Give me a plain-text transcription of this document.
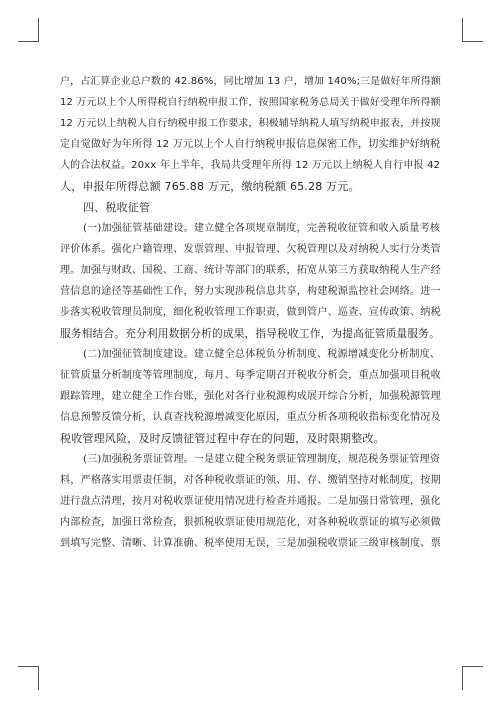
户，占汇算企业总户数的 42.86%，同比增加 13 户，增加 140%;三是做好年所得额
12 万元以上个人所得税自行纳税申报工作，按照国家税务总局关于做好受理年所得额
12 万元以上纳税人自行纳税申报工作要求，积极辅导纳税人填写纳税申报表，并按规
定自觉做好为年所得 12 万元以上个人自行纳税申报信息保密工作，切实维护好纳税
人的合法权益。20xx 年上半年，我局共受理年所得 12 万元以上纳税人自行申报 42
人，申报年所得总额 765.88 万元，缴纳税额 65.28 万元。
四、税收征管
(一)加强征管基础建设。建立健全各项规章制度，完善税收征管和收入质量考核
评价体系。强化户籍管理、发票管理、申报管理、欠税管理以及对纳税人实行分类管
理。加强与财政、国税、工商、统计等部门的联系，拓宽从第三方获取纳税人生产经
营信息的途径等基础性工作，努力实现涉税信息共享，构建税源监控社会网络。进一
步落实税收管理员制度，细化税收管理工作职责，做到管户、巡查、宣传政策、纳税
服务相结合。充分利用数据分析的成果，指导税收工作，为提高征管质量服务。
(二)加强征管制度建设。建立健全总体税负分析制度、税源增减变化分析制度、
征管质量分析制度等管理制度，每月、每季定期召开税收分析会，重点加强项目税收
跟踪管理，建立健全工作台账，强化对各行业税源构成展开综合分析，加强税源管理
信息预警反馈分析，认真查找税源增减变化原因，重点分析各项税收指标变化情况及
税收管理风险，及时反馈征管过程中存在的问题，及时限期整改。
(三)加强税务票证管理。一是建立健全税务票证管理制度，规范税务票证管理资
料，严格落实用票责任制，对各种税收票证的领、用、存、缴销坚持对帐制度，按期
进行盘点清理，按月对税收票证使用情况进行检查并通报。二是加强日常管理，强化
内部检查，加强日常检查，狠抓税收票证使用规范化，对各种税收票证的填写必须做
到填写完整、清晰、计算准确、税率使用无误，三是加强税收票证三级审核制度、票
